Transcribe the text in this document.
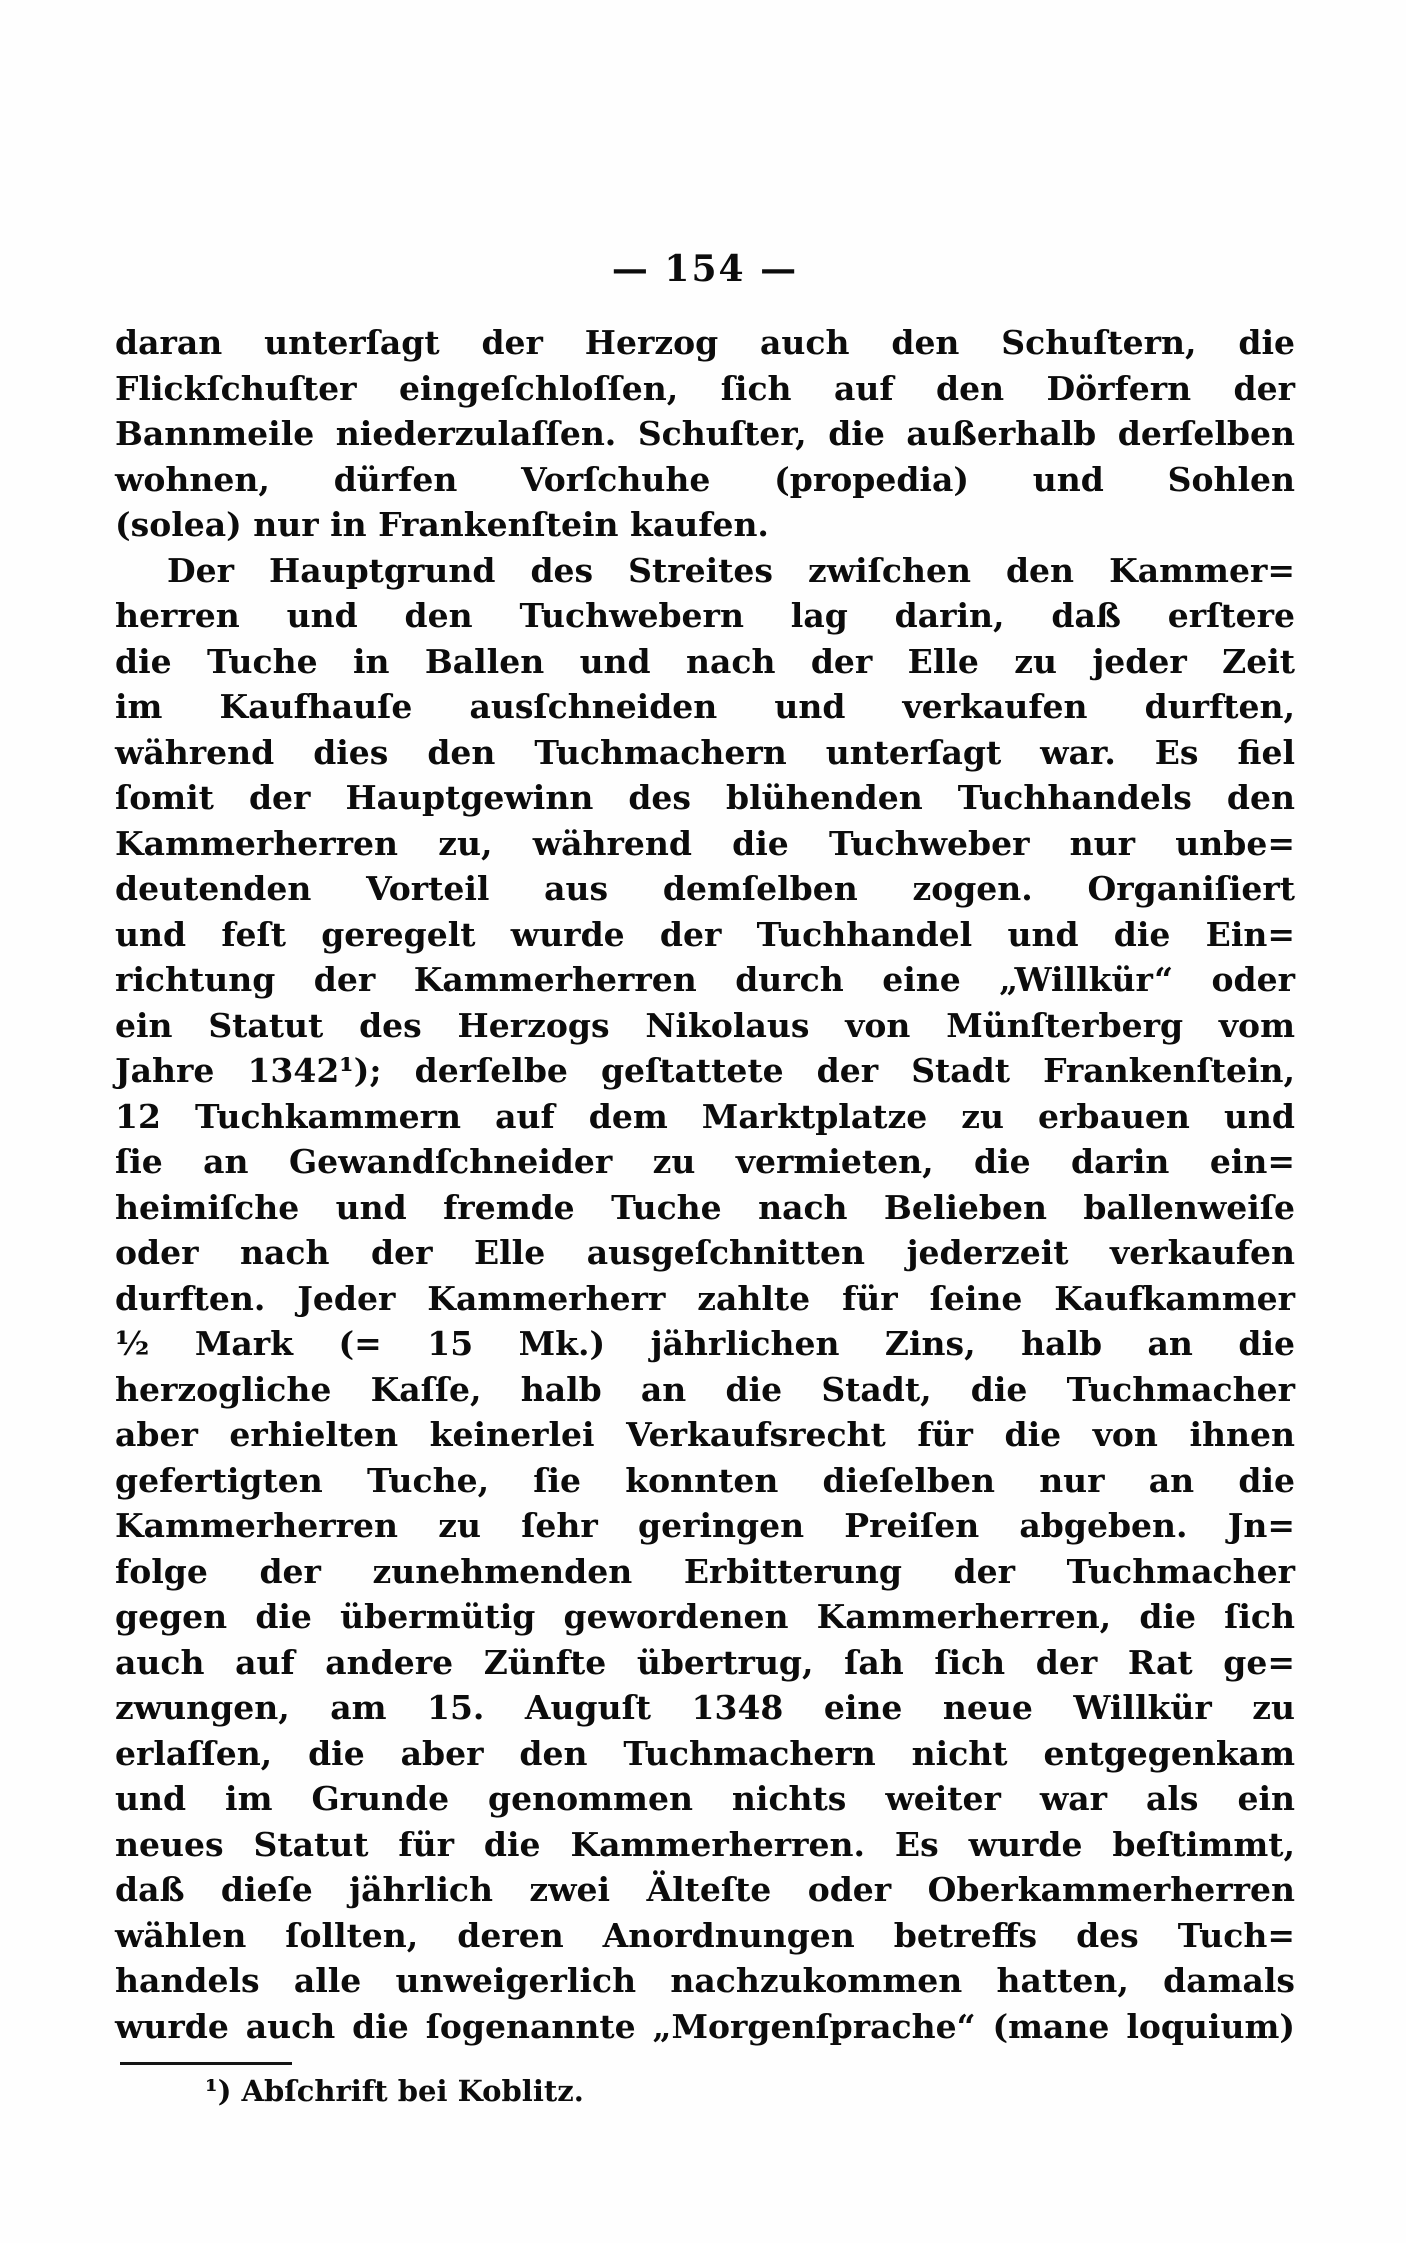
— 154 —
daran unterſagt der Herzog auch den Schuſtern, die
Flickſchuſter eingeſchloſſen, ſich auf den Dörfern der
Bannmeile niederzulaſſen. Schuſter, die außerhalb derſelben
wohnen, dürfen Vorſchuhe (propedia) und Sohlen
(solea) nur in Frankenſtein kaufen.
Der Hauptgrund des Streites zwiſchen den Kammer=
herren und den Tuchwebern lag darin, daß erſtere
die Tuche in Ballen und nach der Elle zu jeder Zeit
im Kaufhauſe ausſchneiden und verkaufen durften,
während dies den Tuchmachern unterſagt war. Es fiel
ſomit der Hauptgewinn des blühenden Tuchhandels den
Kammerherren zu, während die Tuchweber nur unbe=
deutenden Vorteil aus demſelben zogen. Organiſiert
und feſt geregelt wurde der Tuchhandel und die Ein=
richtung der Kammerherren durch eine „Willkür“ oder
ein Statut des Herzogs Nikolaus von Münſterberg vom
Jahre 1342¹); derſelbe geſtattete der Stadt Frankenſtein,
12 Tuchkammern auf dem Marktplatze zu erbauen und
ſie an Gewandſchneider zu vermieten, die darin ein=
heimiſche und fremde Tuche nach Belieben ballenweiſe
oder nach der Elle ausgeſchnitten jederzeit verkaufen
durften. Jeder Kammerherr zahlte für ſeine Kaufkammer
½ Mark (= 15 Mk.) jährlichen Zins, halb an die
herzogliche Kaſſe, halb an die Stadt, die Tuchmacher
aber erhielten keinerlei Verkaufsrecht für die von ihnen
gefertigten Tuche, ſie konnten dieſelben nur an die
Kammerherren zu ſehr geringen Preiſen abgeben. Jn=
folge der zunehmenden Erbitterung der Tuchmacher
gegen die übermütig gewordenen Kammerherren, die ſich
auch auf andere Zünfte übertrug, ſah ſich der Rat ge=
zwungen, am 15. Auguſt 1348 eine neue Willkür zu
erlaſſen, die aber den Tuchmachern nicht entgegenkam
und im Grunde genommen nichts weiter war als ein
neues Statut für die Kammerherren. Es wurde beſtimmt,
daß dieſe jährlich zwei Älteſte oder Oberkammerherren
wählen ſollten, deren Anordnungen betreffs des Tuch=
handels alle unweigerlich nachzukommen hatten, damals
wurde auch die ſogenannte „Morgenſprache“ (mane loquium)
¹) Abſchrift bei Koblitz.
